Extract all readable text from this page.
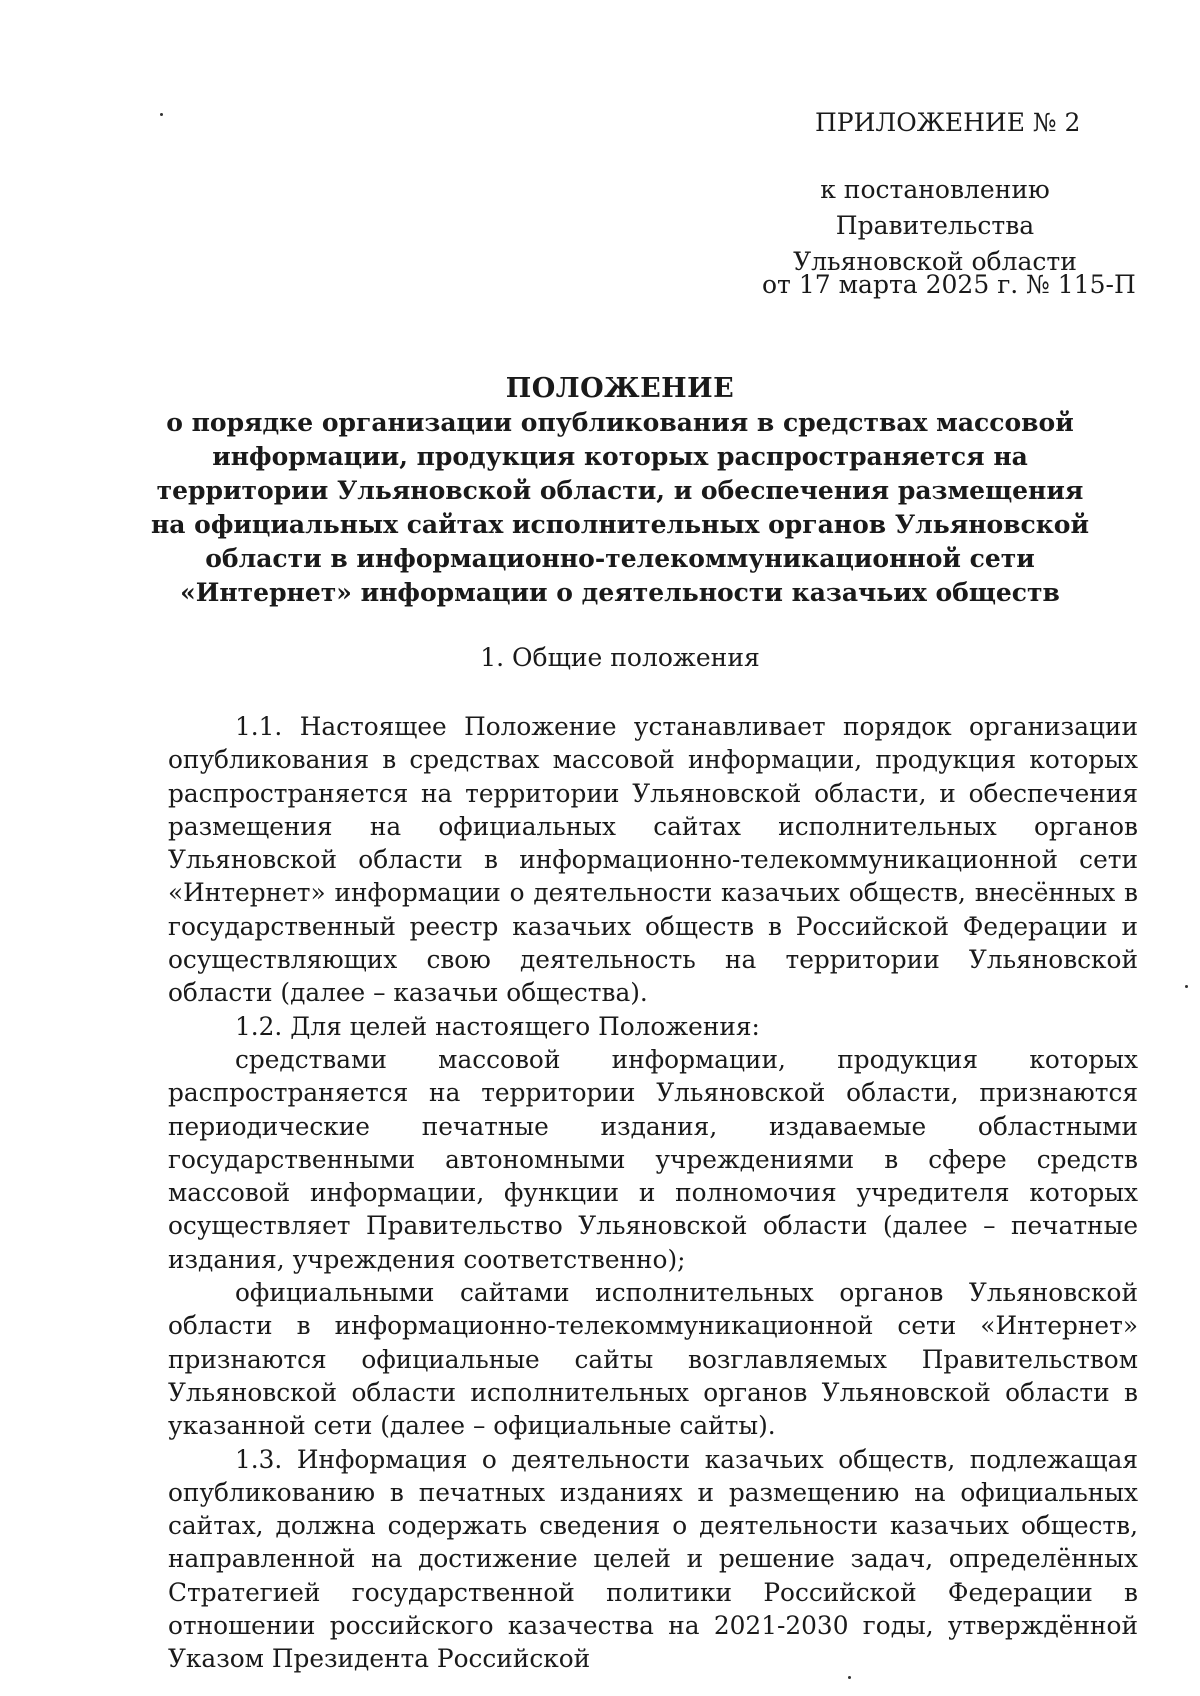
ПРИЛОЖЕНИЕ № 2
к постановлению Правительства
Ульяновской области
от 17 марта 2025 г. № 115-П
ПОЛОЖЕНИЕ
о порядке организации опубликования в средствах массовой информации, продукция которых распространяется на территории Ульяновской области, и обеспечения размещения на официальных сайтах исполнительных органов Ульяновской области в информационно-телекоммуникационной сети «Интернет» информации о деятельности казачьих обществ
1. Общие положения

1.1. Настоящее Положение устанавливает порядок организации опубликования в средствах массовой информации, продукция которых распространяется на территории Ульяновской области, и обеспечения размещения на официальных сайтах исполнительных органов Ульяновской области в информационно-телекоммуникационной сети «Интернет» информации о деятельности казачьих обществ, внесённых в государственный реестр казачьих обществ в Российской Федерации и осуществляющих свою деятельность на территории Ульяновской области (далее – казачьи общества).

1.2. Для целей настоящего Положения:

средствами массовой информации, продукция которых распространяется на территории Ульяновской области, признаются периодические печатные издания, издаваемые областными государственными автономными учреждениями в сфере средств массовой информации, функции и полномочия учредителя которых осуществляет Правительство Ульяновской области (далее – печатные издания, учреждения соответственно);

официальными сайтами исполнительных органов Ульяновской области в информационно-телекоммуникационной сети «Интернет» признаются официальные сайты возглавляемых Правительством Ульяновской области исполнительных органов Ульяновской области в указанной сети (далее – официальные сайты).

1.3. Информация о деятельности казачьих обществ, подлежащая опубликованию в печатных изданиях и размещению на официальных сайтах, должна содержать сведения о деятельности казачьих обществ, направленной на достижение целей и решение задач, определённых Стратегией государственной политики Российской Федерации в отношении российского казачества на 2021-2030 годы, утверждённой Указом Президента Российской
